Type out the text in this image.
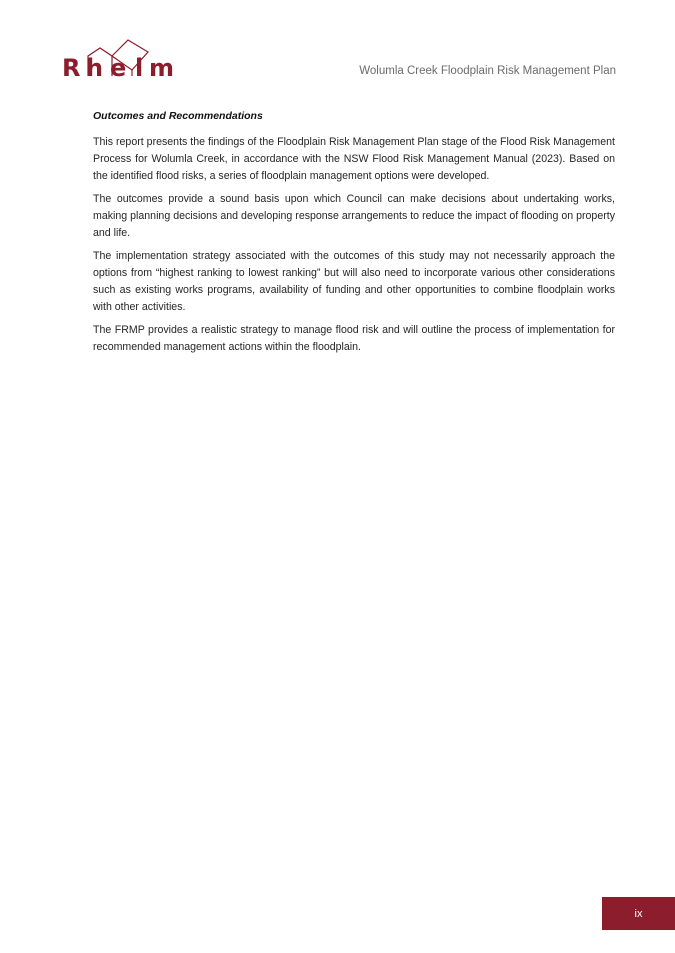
R h e l m	Wolumla Creek Floodplain Risk Management Plan
Outcomes and Recommendations

This report presents the findings of the Floodplain Risk Management Plan stage of the Flood Risk Management Process for Wolumla Creek, in accordance with the NSW Flood Risk Management Manual (2023). Based on the identified flood risks, a series of floodplain management options were developed.

The outcomes provide a sound basis upon which Council can make decisions about undertaking works, making planning decisions and developing response arrangements to reduce the impact of flooding on property and life.

The implementation strategy associated with the outcomes of this study may not necessarily approach the options from “highest ranking to lowest ranking” but will also need to incorporate various other considerations such as existing works programs, availability of funding and other opportunities to combine floodplain works with other activities.

The FRMP provides a realistic strategy to manage flood risk and will outline the process of implementation for recommended management actions within the floodplain.

ix
